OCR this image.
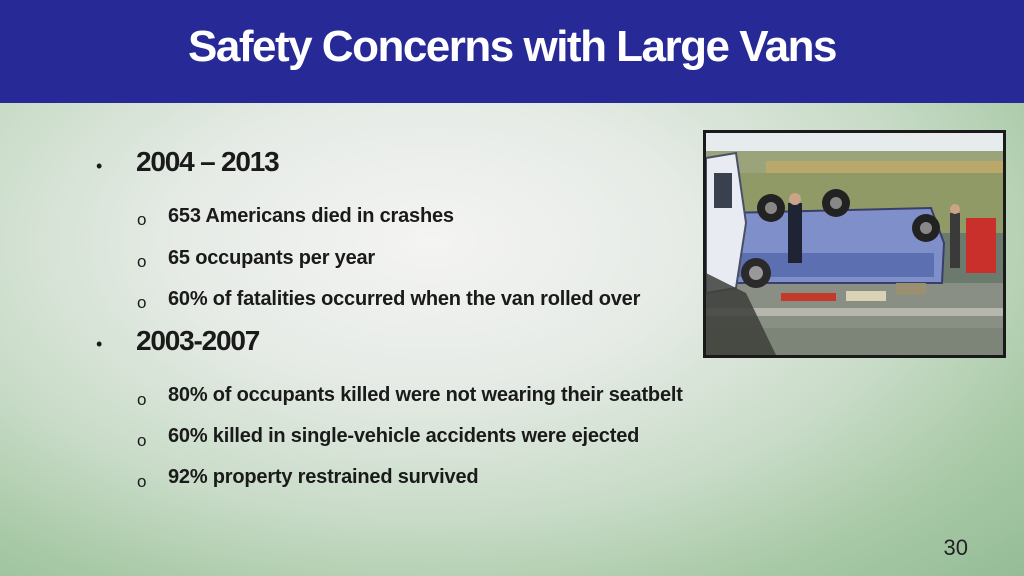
Safety Concerns with Large Vans
• 2004 – 2013
o 653 Americans died in crashes
o 65 occupants per year
o 60% of fatalities occurred when the van rolled over
• 2003-2007
o 80% of occupants killed were not wearing their seatbelt
o 60% killed in single-vehicle accidents were ejected
o 92% property restrained survived
30
